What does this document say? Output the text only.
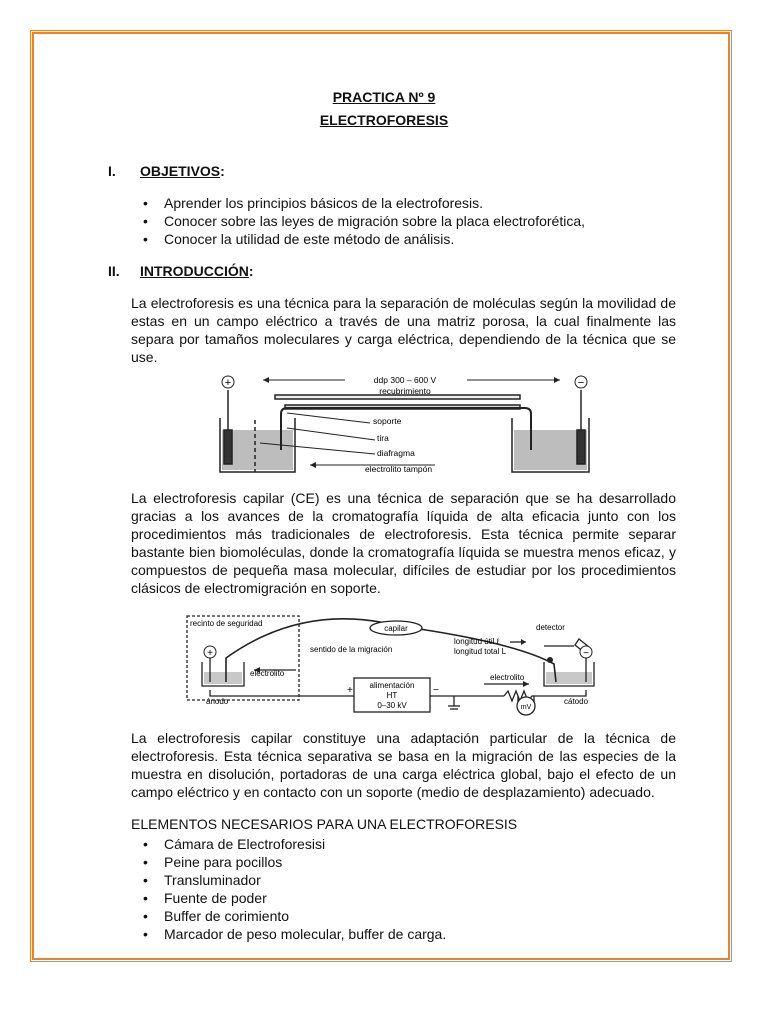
PRACTICA Nº 9
ELECTROFORESIS
I. OBJETIVOS:
• Aprender los principios básicos de la electroforesis.
• Conocer sobre las leyes de migración sobre la placa electroforética,
• Conocer la utilidad de este método de análisis.
II. INTRODUCCIÓN:

La electroforesis es una técnica para la separación de moléculas según la movilidad de estas en un campo eléctrico a través de una matriz porosa, la cual finalmente las separa por tamaños moleculares y carga eléctrica, dependiendo de la técnica que se use.

+	−
ddp 300 – 600 V
recubrimiento
soporte
tira
diafragma
electrolito tampón

La electroforesis capilar (CE) es una técnica de separación que se ha desarrollado gracias a los avances de la cromatografía líquida de alta eficacia junto con los procedimientos más tradicionales de electroforesis. Esta técnica permite separar bastante bien biomoléculas, donde la cromatografía líquida se muestra menos eficaz, y compuestos de pequeña masa molecular, difíciles de estudiar por los procedimientos clásicos de electromigración en soporte.

+	−
recinto de seguridad
capilar	detector
longitud útil ℓ
longitud total L
sentido de la migración
electrolito	electrolito
ánodo	cátodo
alimentación
HT
0–30 kV	mV
+	−

La electroforesis capilar constituye una adaptación particular de la técnica de electroforesis. Esta técnica separativa se basa en la migración de las especies de la muestra en disolución, portadoras de una carga eléctrica global, bajo el efecto de un campo eléctrico y en contacto con un soporte (medio de desplazamiento) adecuado.

ELEMENTOS NECESARIOS PARA UNA ELECTROFORESIS
• Cámara de Electroforesisi
• Peine para pocillos
• Transluminador
• Fuente de poder
• Buffer de corimiento
• Marcador de peso molecular, buffer de carga.
